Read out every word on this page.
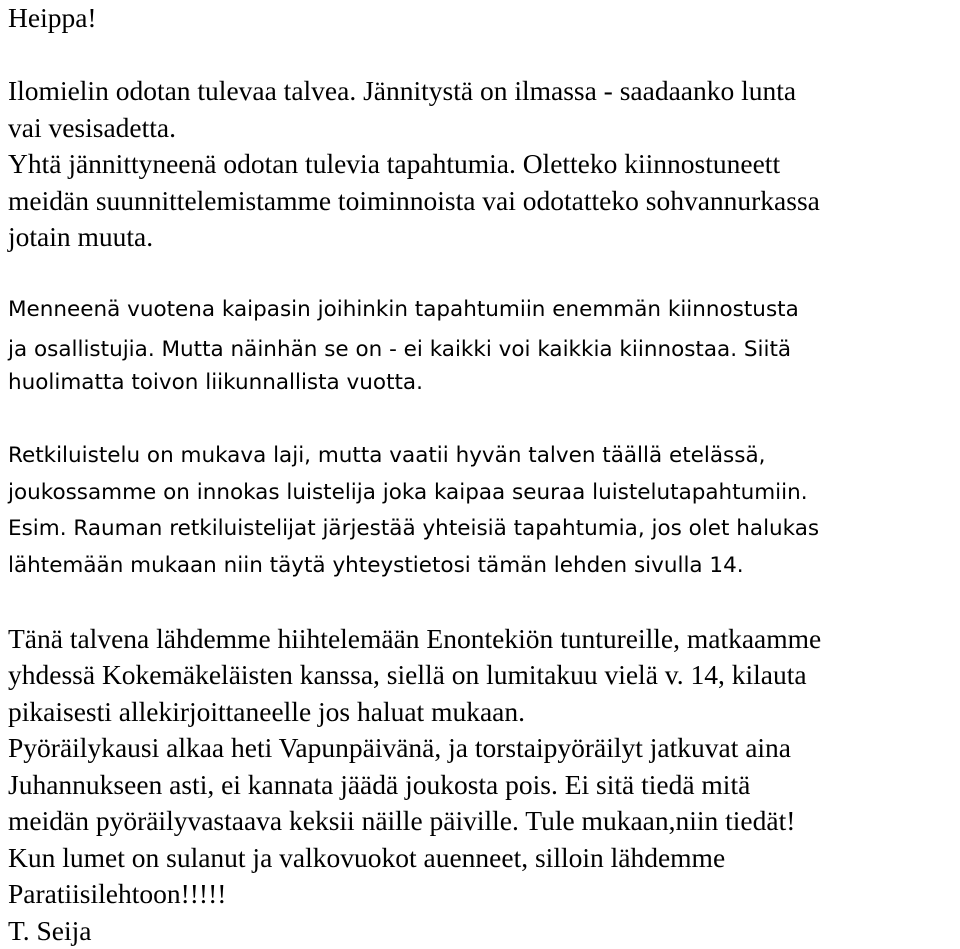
Heippa!
Ilomielin odotan tulevaa talvea. Jännitystä on ilmassa - saadaanko lunta
vai vesisadetta.
Yhtä jännittyneenä odotan tulevia tapahtumia. Oletteko kiinnostuneett
meidän suunnittelemistamme toiminnoista vai odotatteko sohvannurkassa
jotain muuta.
Menneenä vuotena kaipasin joihinkin tapahtumiin enemmän kiinnostusta
ja osallistujia. Mutta näinhän se on - ei kaikki voi kaikkia kiinnostaa. Siitä
huolimatta toivon liikunnallista vuotta.
Retkiluistelu on mukava laji, mutta vaatii hyvän talven täällä etelässä,
joukossamme on innokas luistelija joka kaipaa seuraa luistelutapahtumiin.
Esim. Rauman retkiluistelijat järjestää yhteisiä tapahtumia, jos olet halukas
lähtemään mukaan niin täytä yhteystietosi tämän lehden sivulla 14.
Tänä talvena lähdemme hiihtelemään Enontekiön tuntureille, matkaamme
yhdessä Kokemäkeläisten kanssa, siellä on lumitakuu vielä v. 14, kilauta
pikaisesti allekirjoittaneelle jos haluat mukaan.
Pyöräilykausi alkaa heti Vapunpäivänä, ja torstaipyöräilyt jatkuvat aina
Juhannukseen asti, ei kannata jäädä joukosta pois. Ei sitä tiedä mitä
meidän pyöräilyvastaava keksii näille päiville. Tule mukaan,niin tiedät!
Kun lumet on sulanut ja valkovuokot auenneet, silloin lähdemme
Paratiisilehtoon!!!!!
T. Seija
